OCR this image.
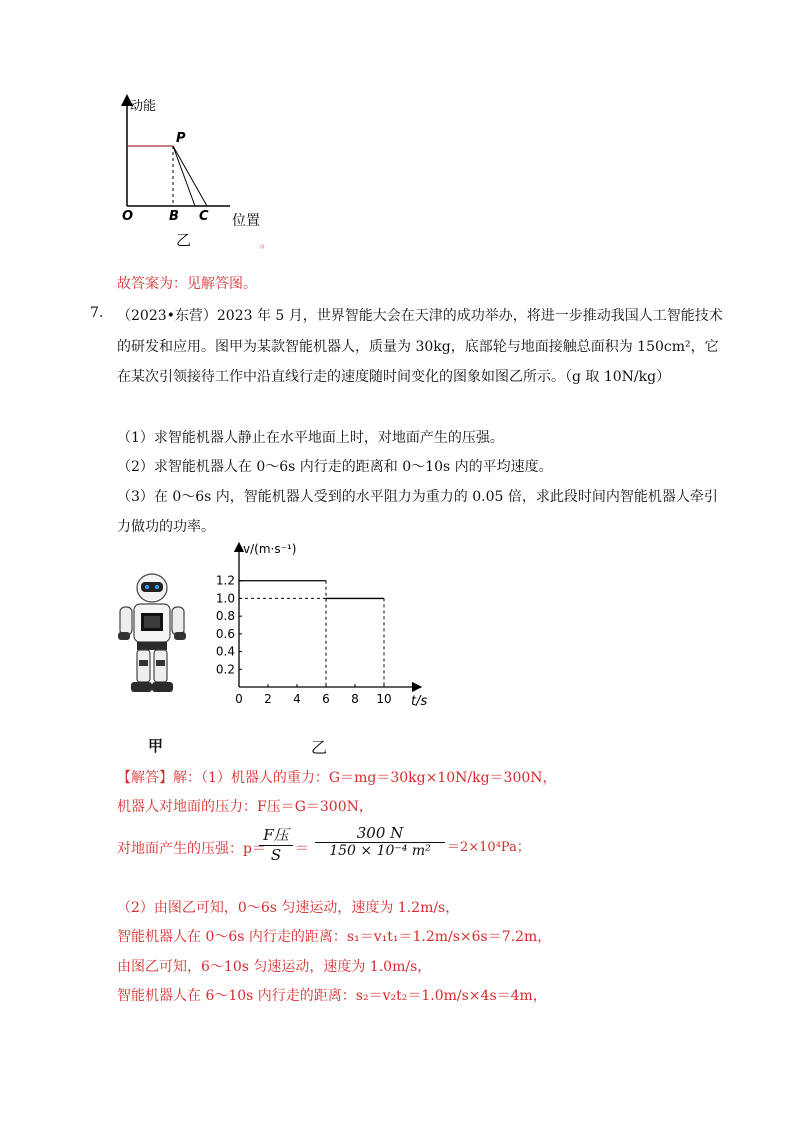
动能
P
O	B C 位置
乙	。
故答案为：见解答图。
7. （2023•东营）2023 年 5 月，世界智能大会在天津的成功举办，将进一步推动我国人工智能技术
的研发和应用。图甲为某款智能机器人，质量为 30kg，底部轮与地面接触总面积为 150cm²，它
在某次引领接待工作中沿直线行走的速度随时间变化的图象如图乙所示。（g 取 10N/kg）
（1）求智能机器人静止在水平地面上时，对地面产生的压强。
（2）求智能机器人在 0～6s 内行走的距离和 0～10s 内的平均速度。
（3）在 0～6s 内，智能机器人受到的水平阻力为重力的 0.05 倍，求此段时间内智能机器人牵引
力做功的功率。
甲
v/(m·s⁻¹)
t/s
0 2 4 6 8 10
0.2
0.4
0.6
0.8
1.0
1.2
乙
【解答】解：（1）机器人的重力：G＝mg＝30kg×10N/kg＝300N，
机器人对地面的压力：F压＝G＝300N，
对地面产生的压强：p＝
F压
$S = \frac{300 N}{\text{150 × 10⁻⁴ m²}} =2\times 10^4Pa$；
（2）由图乙可知，0～6s 匀速运动，速度为 1.2m/s，
智能机器人在 0～6s 内行走的距离：s₁＝v₁t₁＝1.2m/s×6s＝7.2m，
由图乙可知，6～10s 匀速运动，速度为 1.0m/s，
智能机器人在 6～10s 内行走的距离：s₂＝v₂t₂＝1.0m/s×4s＝4m，
